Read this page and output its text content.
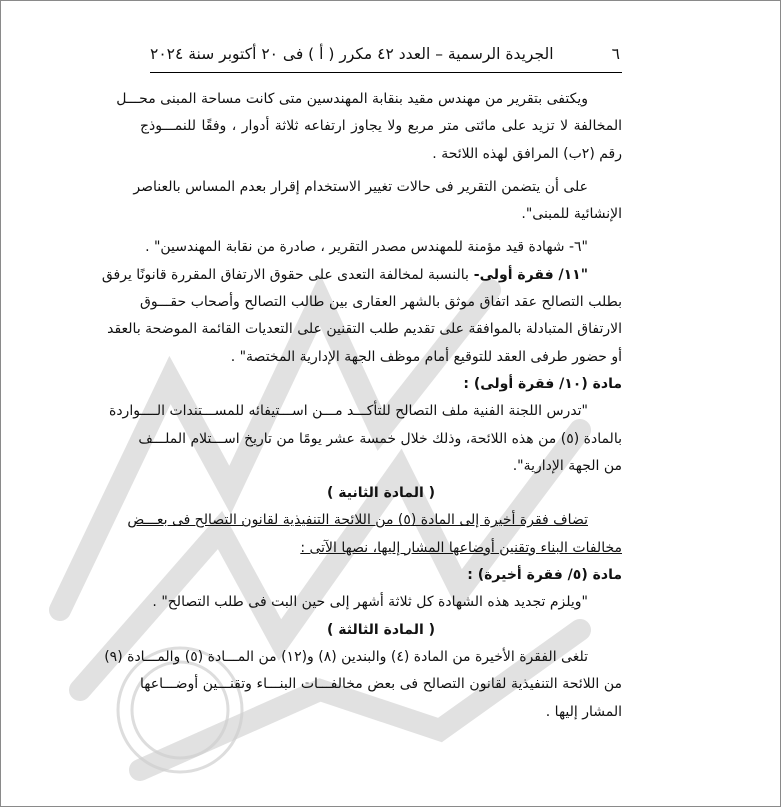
٦
الجريدة الرسمية – العدد ٤٢ مكرر ( أ ) فى ٢٠ أكتوبر سنة ٢٠٢٤
ويكتفى بتقرير من مهندس مقيد بنقابة المهندسين متى كانت مساحة المبنى محـــل
المخالفة لا تزيد على مائتى متر مربع ولا يجاوز ارتفاعه ثلاثة أدوار ، وفقًا للنمـــوذج
رقم (٢ب) المرافق لهذه اللائحة .
على أن يتضمن التقرير فى حالات تغيير الاستخدام إقرار بعدم المساس بالعناصر
الإنشائية للمبنى".
"٦- شهادة قيد مؤمنة للمهندس مصدر التقرير ، صادرة من نقابة المهندسين" .
"١١/ فقرة أولى- بالنسبة لمخالفة التعدى على حقوق الارتفاق المقررة قانونًا يرفق
بطلب التصالح عقد اتفاق موثق بالشهر العقارى بين طالب التصالح وأصحاب حقـــوق
الارتفاق المتبادلة بالموافقة على تقديم طلب التقنين على التعديات القائمة الموضحة بالعقد
أو حضور طرفى العقد للتوقيع أمام موظف الجهة الإدارية المختصة" .
مادة (١٠/ فقرة أولى) :
"تدرس اللجنة الفنية ملف التصالح للتأكـــد مـــن اســـتيفائه للمســـتندات الــــواردة
بالمادة (٥) من هذه اللائحة، وذلك خلال خمسة عشر يومًا من تاريخ اســـتلام الملـــف
من الجهة الإدارية".
( المادة الثانية )
تضاف فقرة أخيرة إلى المادة (٥) من اللائحة التنفيذية لقانون التصالح فى بعـــض
مخالفات البناء وتقنين أوضاعها المشار إليها، نصها الآتى :
مادة (٥/ فقرة أخيرة) :
"ويلزم تجديد هذه الشهادة كل ثلاثة أشهر إلى حين البت فى طلب التصالح" .
( المادة الثالثة )
تلغى الفقرة الأخيرة من المادة (٤) والبندين (٨) و(١٢) من المـــادة (٥) والمـــادة (٩)
من اللائحة التنفيذية لقانون التصالح فى بعض مخالفـــات البنـــاء وتقنـــين أوضـــاعها
المشار إليها .
